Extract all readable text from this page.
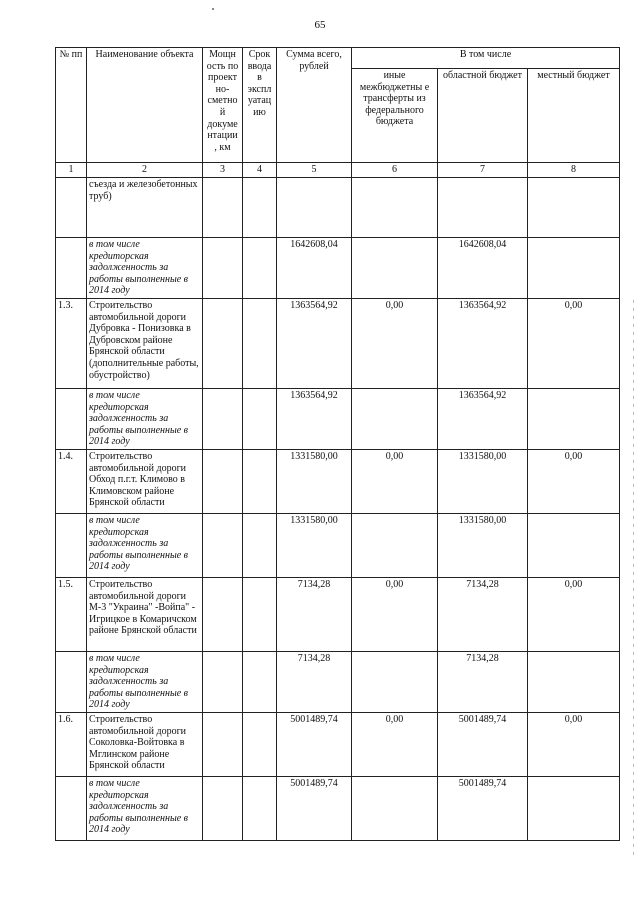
65
№ пп	Наименование объекта	Мощн ость по проект но-сметно й докуме нтации , км	Срок ввода в экспл уатац ию	Сумма всего, рублей	В том числе		
					иные межбюджетны е трансферты из федерального бюджета	областной бюджет	местный бюджет
1	2	3	4	5	6	7	8
	съезда и железобетонных труб)						
	в том числе кредиторская задолженность за работы выполненные в 2014 году			1642608,04		1642608,04	
1.3.	Строительство автомобильной дороги Дубровка - Понизовка в Дубровском районе Брянской области (дополнительные работы, обустройство)			1363564,92	0,00	1363564,92	0,00
	в том числе кредиторская задолженность за работы выполненные в 2014 году			1363564,92		1363564,92	
1.4.	Строительство автомобильной дороги Обход п.г.т. Климово в Климовском районе Брянской области			1331580,00	0,00	1331580,00	0,00
	в том числе кредиторская задолженность за работы выполненные в 2014 году			1331580,00		1331580,00	
1.5.	Строительство автомобильной дороги М-3 "Украина" -Войпа" - Игрицкое в Комаричском районе Брянской области			7134,28	0,00	7134,28	0,00
	в том числе кредиторская задолженность за работы выполненные в 2014 году			7134,28		7134,28	
1.6.	Строительство автомобильной дороги Соколовка-Войтовка в Мглинском районе Брянской области			5001489,74	0,00	5001489,74	0,00
	в том числе кредиторская задолженность за работы выполненные в 2014 году			5001489,74		5001489,74	
